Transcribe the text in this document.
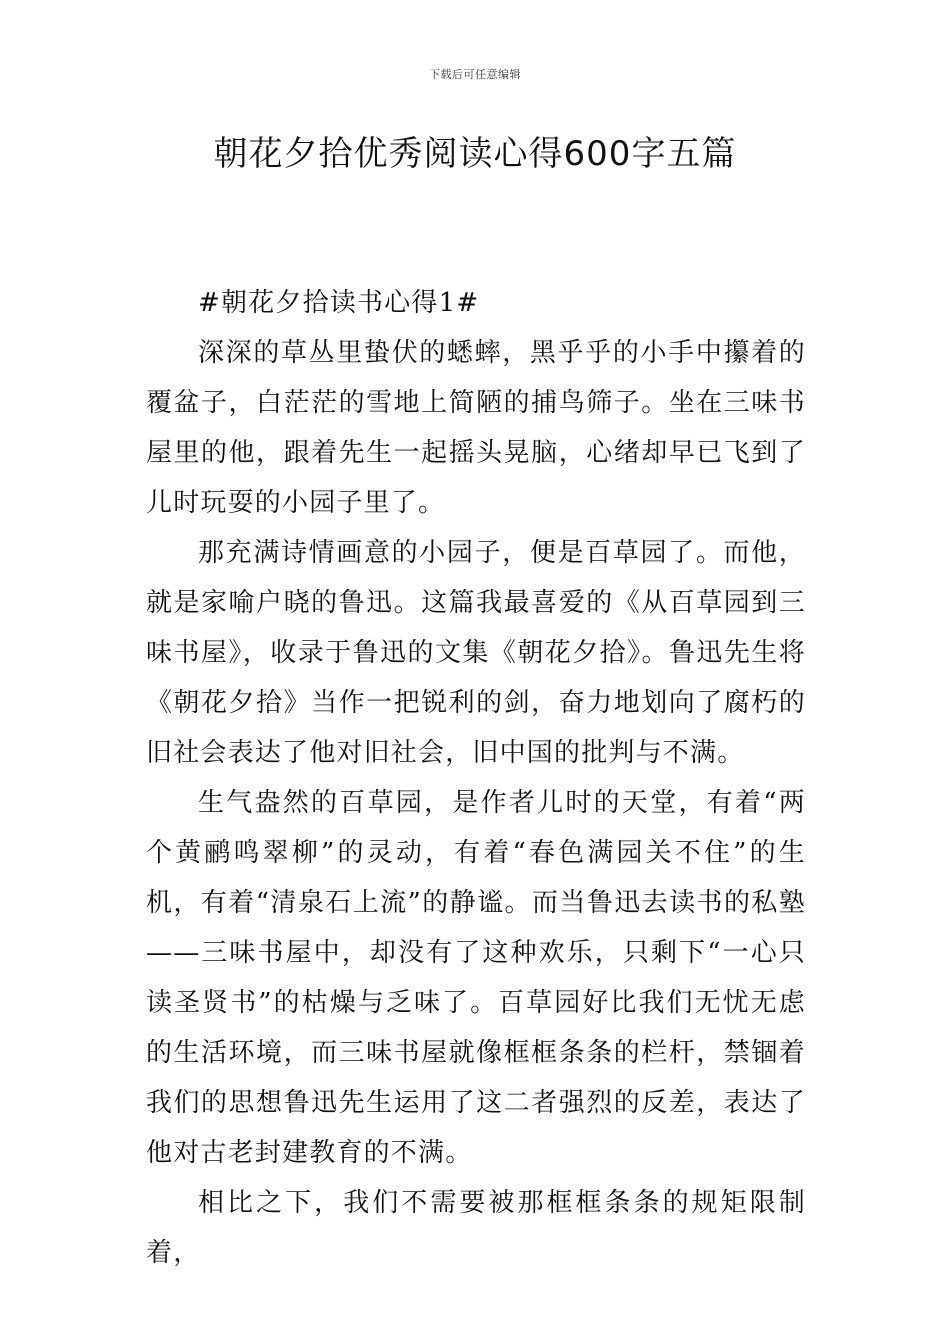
下载后可任意编辑
朝花夕拾优秀阅读心得600字五篇

#朝花夕拾读书心得1#

深深的草丛里蛰伏的蟋蟀，黑乎乎的小手中攥着的覆盆子，白茫茫的雪地上简陋的捕鸟筛子。坐在三味书屋里的他，跟着先生一起摇头晃脑，心绪却早已飞到了儿时玩耍的小园子里了。

那充满诗情画意的小园子，便是百草园了。而他，就是家喻户晓的鲁迅。这篇我最喜爱的《从百草园到三味书屋》，收录于鲁迅的文集《朝花夕拾》。鲁迅先生将《朝花夕拾》当作一把锐利的剑，奋力地划向了腐朽的旧社会表达了他对旧社会，旧中国的批判与不满。

生气盎然的百草园，是作者儿时的天堂，有着“两个黄鹂鸣翠柳”的灵动，有着“春色满园关不住”的生机，有着“清泉石上流”的静谧。而当鲁迅去读书的私塾——三味书屋中，却没有了这种欢乐，只剩下“一心只读圣贤书”的枯燥与乏味了。百草园好比我们无忧无虑的生活环境，而三味书屋就像框框条条的栏杆，禁锢着我们的思想鲁迅先生运用了这二者强烈的反差，表达了他对古老封建教育的不满。

相比之下，我们不需要被那框框条条的规矩限制着，
